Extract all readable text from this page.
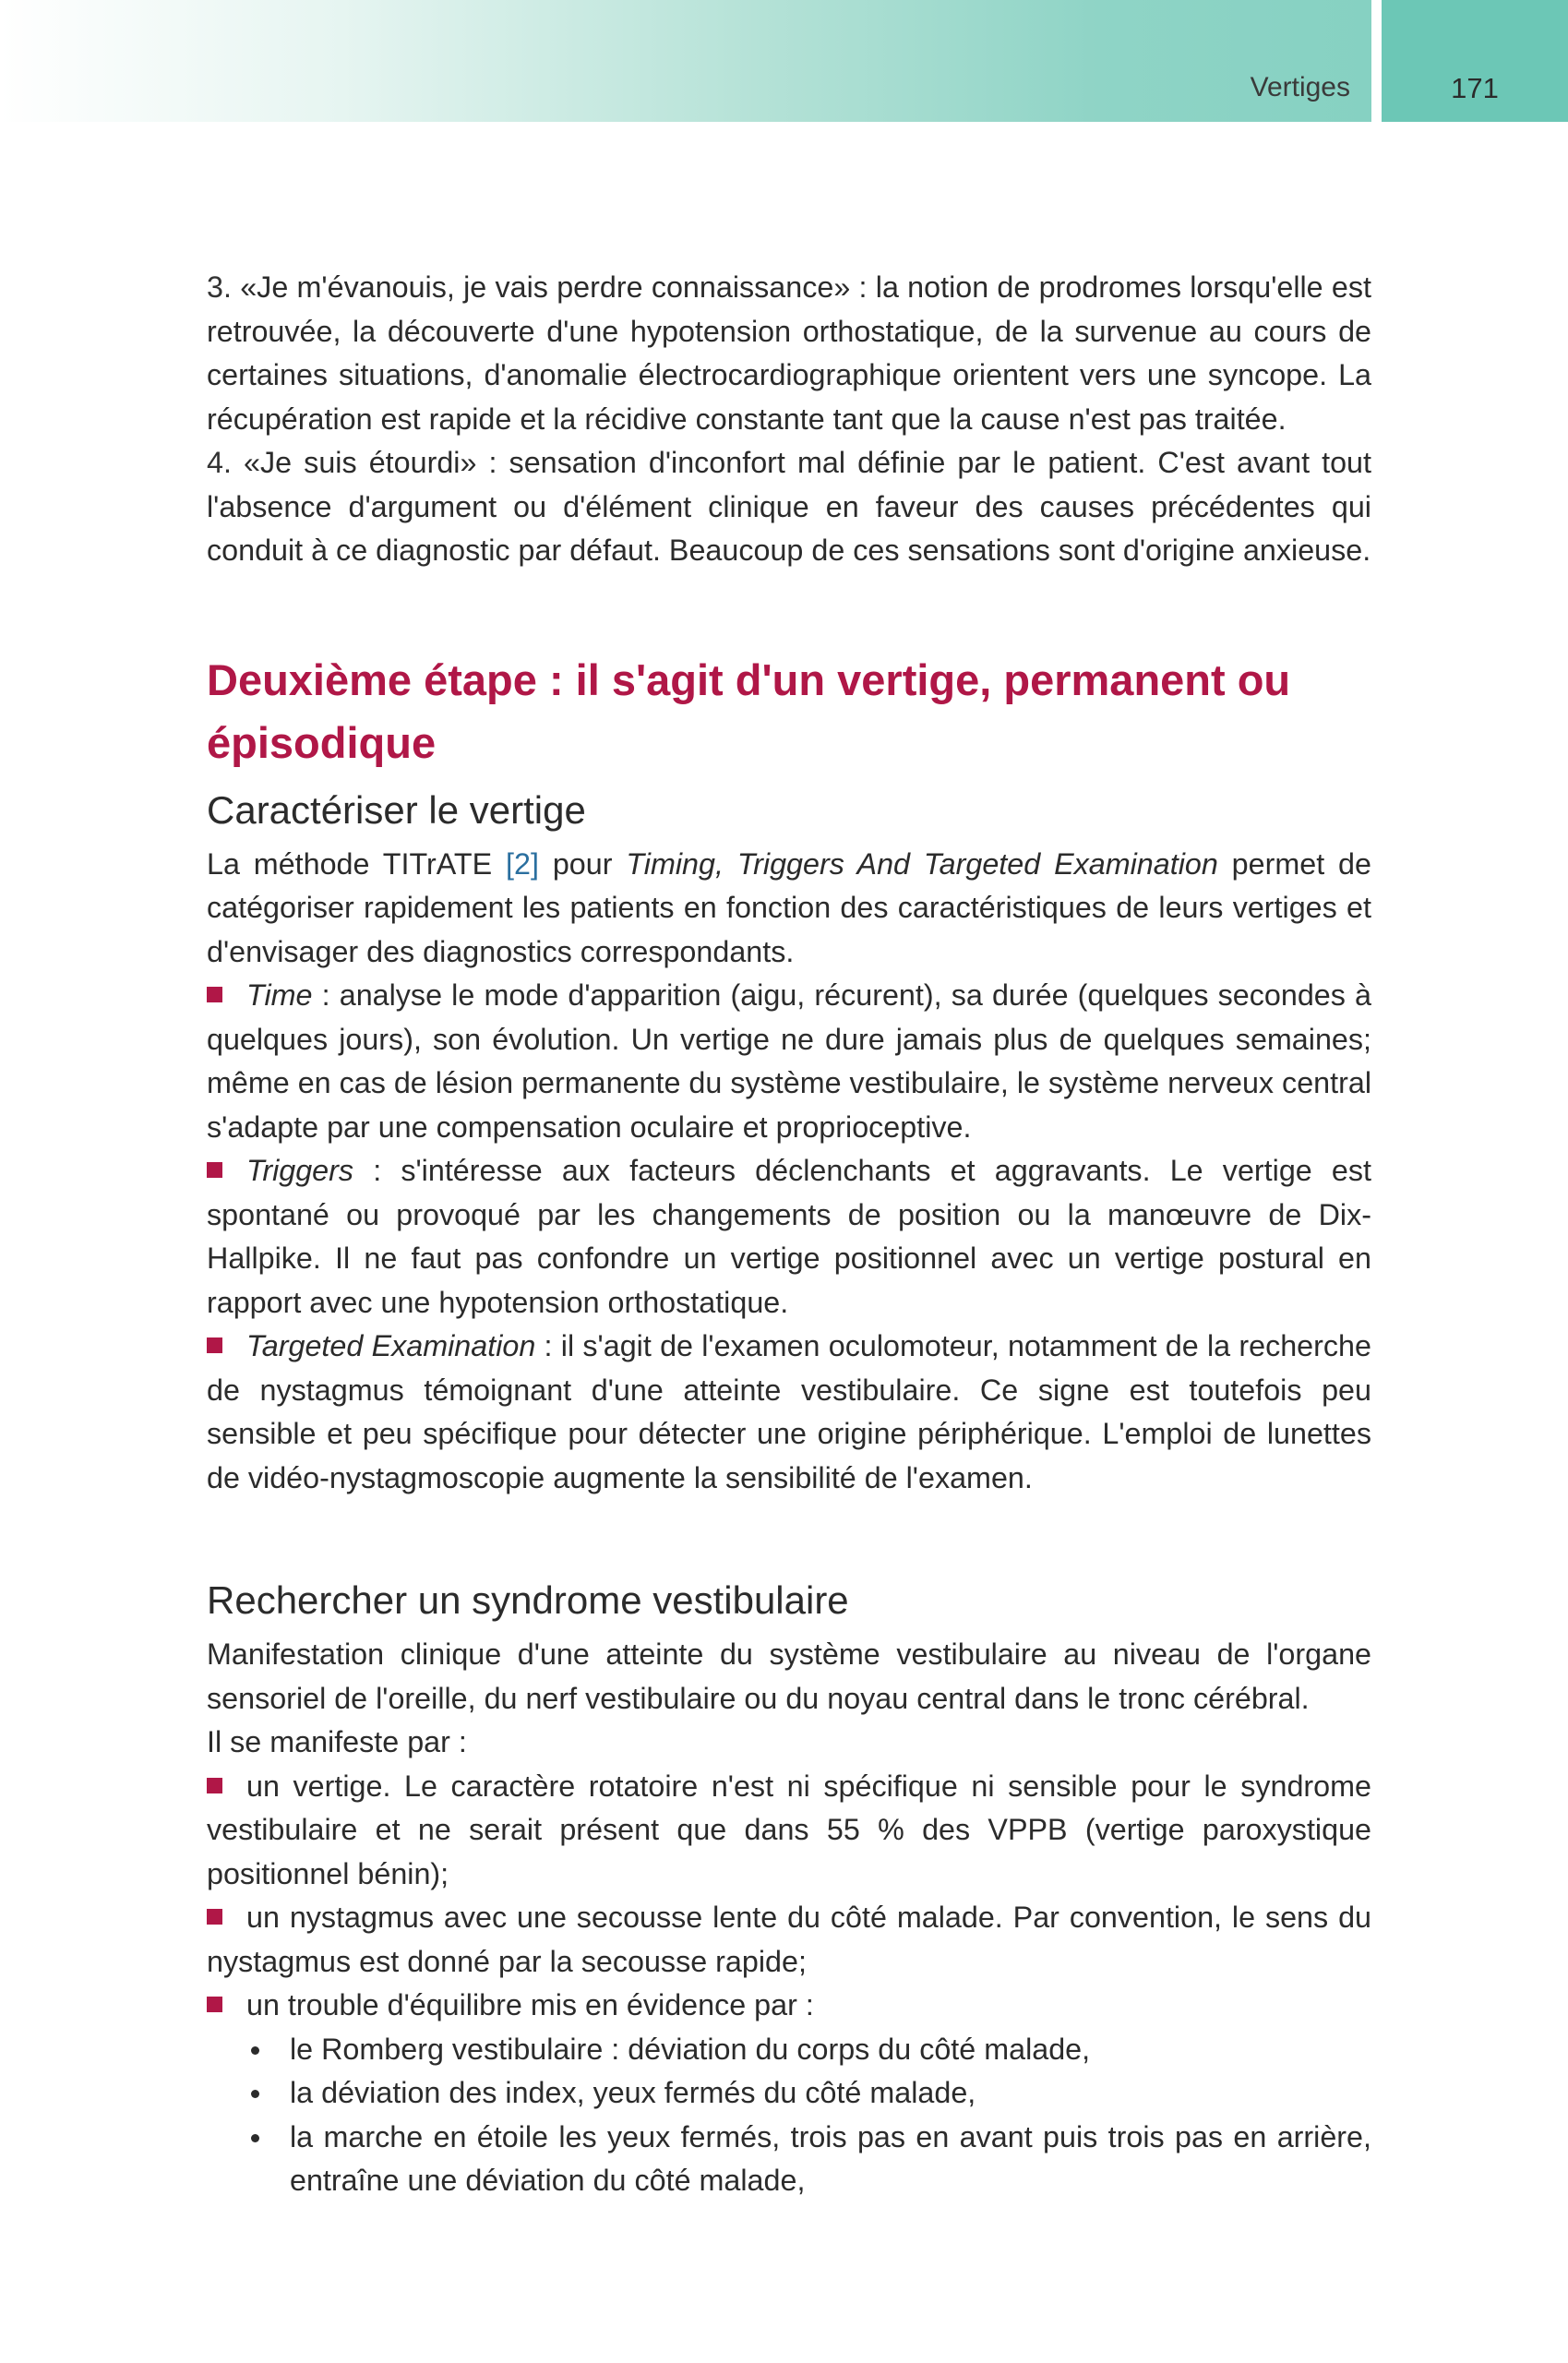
Vertiges	171

3. «Je m'évanouis, je vais perdre connaissance» : la notion de prodromes lorsqu'elle est retrouvée, la découverte d'une hypotension orthostatique, de la survenue au cours de certaines situations, d'anomalie électrocardiographique orientent vers une syncope. La récupération est rapide et la récidive constante tant que la cause n'est pas traitée.

4. «Je suis étourdi» : sensation d'inconfort mal définie par le patient. C'est avant tout l'absence d'argument ou d'élément clinique en faveur des causes précédentes qui conduit à ce diagnostic par défaut. Beaucoup de ces sensations sont d'origine anxieuse.

Deuxième étape : il s'agit d'un vertige, permanent ou épisodique
Caractériser le vertige

La méthode TITrATE [2] pour Timing, Triggers And Targeted Examination permet de catégoriser rapidement les patients en fonction des caractéristiques de leurs vertiges et d'envisager des diagnostics correspondants.

Time : analyse le mode d'apparition (aigu, récurent), sa durée (quelques secondes à quelques jours), son évolution. Un vertige ne dure jamais plus de quelques semaines; même en cas de lésion permanente du système vestibulaire, le système nerveux central s'adapte par une compensation oculaire et proprioceptive.
Triggers : s'intéresse aux facteurs déclenchants et aggravants. Le vertige est spontané ou provoqué par les changements de position ou la manœuvre de Dix-Hallpike. Il ne faut pas confondre un vertige positionnel avec un vertige postural en rapport avec une hypotension orthostatique.
Targeted Examination : il s'agit de l'examen oculomoteur, notamment de la recherche de nystagmus témoignant d'une atteinte vestibulaire. Ce signe est toutefois peu sensible et peu spécifique pour détecter une origine périphérique. L'emploi de lunettes de vidéo-nystagmoscopie augmente la sensibilité de l'examen.
Rechercher un syndrome vestibulaire

Manifestation clinique d'une atteinte du système vestibulaire au niveau de l'organe sensoriel de l'oreille, du nerf vestibulaire ou du noyau central dans le tronc cérébral.

Il se manifeste par :

un vertige. Le caractère rotatoire n'est ni spécifique ni sensible pour le syndrome vestibulaire et ne serait présent que dans 55 % des VPPB (vertige paroxystique positionnel bénin);
un nystagmus avec une secousse lente du côté malade. Par convention, le sens du nystagmus est donné par la secousse rapide;
un trouble d'équilibre mis en évidence par :
le Romberg vestibulaire : déviation du corps du côté malade,
la déviation des index, yeux fermés du côté malade,
la marche en étoile les yeux fermés, trois pas en avant puis trois pas en arrière, entraîne une déviation du côté malade,
